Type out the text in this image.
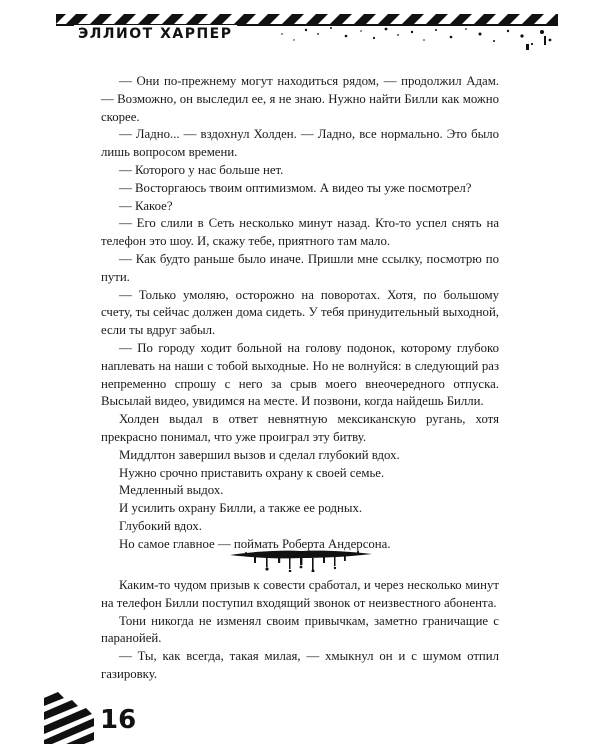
ЭЛЛИОТ ХАРПЕР

— Они по-прежнему могут находиться рядом, — продолжил Адам. — Возможно, он выследил ее, я не знаю. Нужно найти Билли как можно скорее.

— Ладно... — вздохнул Холден. — Ладно, все нормально. Это было лишь вопросом времени.

— Которого у нас больше нет.

— Восторгаюсь твоим оптимизмом. А видео ты уже посмотрел?

— Какое?

— Его слили в Сеть несколько минут назад. Кто-то успел снять на телефон это шоу. И, скажу тебе, приятного там мало.

— Как будто раньше было иначе. Пришли мне ссылку, посмотрю по пути.

— Только умоляю, осторожно на поворотах. Хотя, по большому счету, ты сейчас должен дома сидеть. У тебя принудительный выходной, если ты вдруг забыл.

— По городу ходит больной на голову подонок, которому глубоко наплевать на наши с тобой выходные. Но не волнуйся: в следующий раз непременно спрошу с него за срыв моего внеочередного отпуска. Высылай видео, увидимся на месте. И позвони, когда найдешь Билли.

Холден выдал в ответ невнятную мексиканскую ругань, хотя прекрасно понимал, что уже проиграл эту битву.

Миддлтон завершил вызов и сделал глубокий вдох.

Нужно срочно приставить охрану к своей семье.

Медленный выдох.

И усилить охрану Билли, а также ее родных.

Глубокий вдох.

Но самое главное — поймать Роберта Андерсона.

Каким-то чудом призыв к совести сработал, и через несколько минут на телефон Билли поступил входящий звонок от неизвестного абонента.

Тони никогда не изменял своим привычкам, заметно граничащие с паранойей.

— Ты, как всегда, такая милая, — хмыкнул он и с шумом отпил газировку.

16
